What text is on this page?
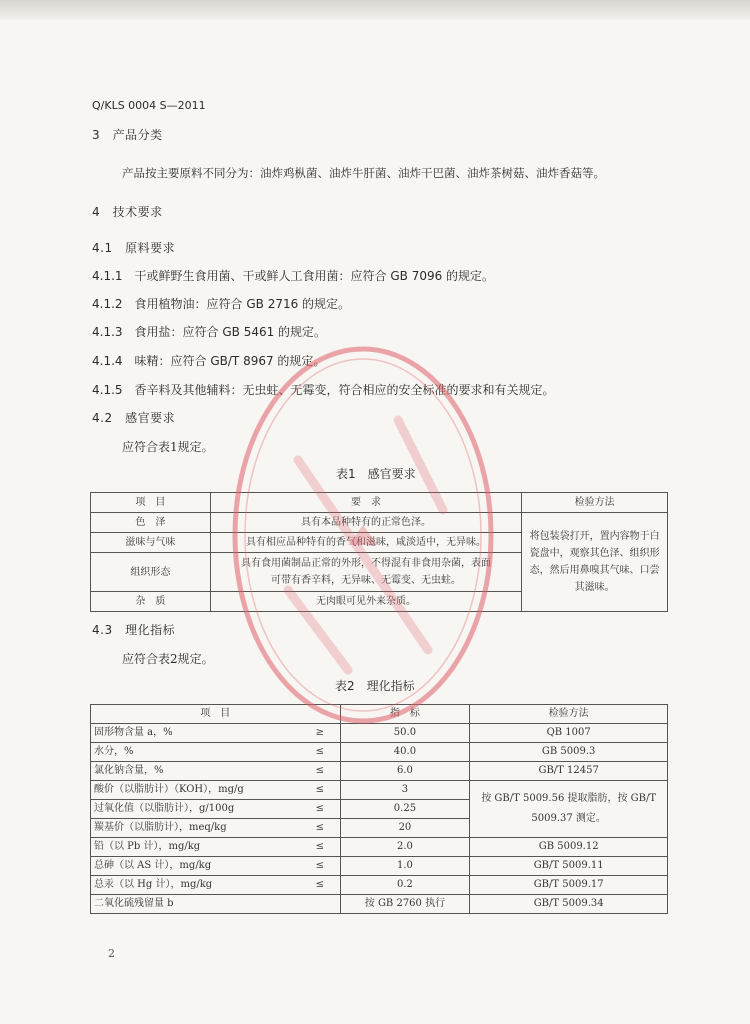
Q/KLS 0004 S—2011
3　产品分类
产品按主要原料不同分为：油炸鸡枞菌、油炸牛肝菌、油炸干巴菌、油炸茶树菇、油炸香菇等。
4　技术要求
4.1　原料要求
4.1.1　干或鲜野生食用菌、干或鲜人工食用菌：应符合 GB 7096 的规定。
4.1.2　食用植物油：应符合 GB 2716 的规定。
4.1.3　食用盐：应符合 GB 5461 的规定。
4.1.4　味精：应符合 GB/T 8967 的规定。
4.1.5　香辛料及其他辅料：无虫蛀、无霉变，符合相应的安全标准的要求和有关规定。
4.2　感官要求
应符合表1规定。
表1　感官要求
项　目	要　求	检验方法
色　泽	具有本品种特有的正常色泽。	将包装袋打开，置内容物于白瓷盘中，观察其色泽、组织形态，然后用鼻嗅其气味、口尝其滋味。
滋味与气味	具有相应品种特有的香气和滋味，咸淡适中，无异味。	
组织形态	具有食用菌制品正常的外形，不得混有非食用杂菌，表面可带有香辛料，无异味、无霉变、无虫蛀。	
杂　质	无肉眼可见外来杂质。	
4.3　理化指标
应符合表2规定。
表2　理化指标
项　目		指　标	检验方法
固形物含量 a，%	≥	50.0	QB 1007
水分，%	≤	40.0	GB 5009.3
氯化钠含量，%	≤	6.0	GB/T 12457
酸价（以脂肪计）（KOH），mg/g	≤	3	按 GB/T 5009.56 提取脂肪，按 GB/T 5009.37 测定。
过氧化值（以脂肪计），g/100g	≤	0.25	
羰基价（以脂肪计），meq/kg	≤	20	
铅（以 Pb 计），mg/kg	≤	2.0	GB 5009.12
总砷（以 AS 计），mg/kg	≤	1.0	GB/T 5009.11
总汞（以 Hg 计），mg/kg	≤	0.2	GB/T 5009.17
二氧化硫残留量 b		按 GB 2760 执行	GB/T 5009.34
2
